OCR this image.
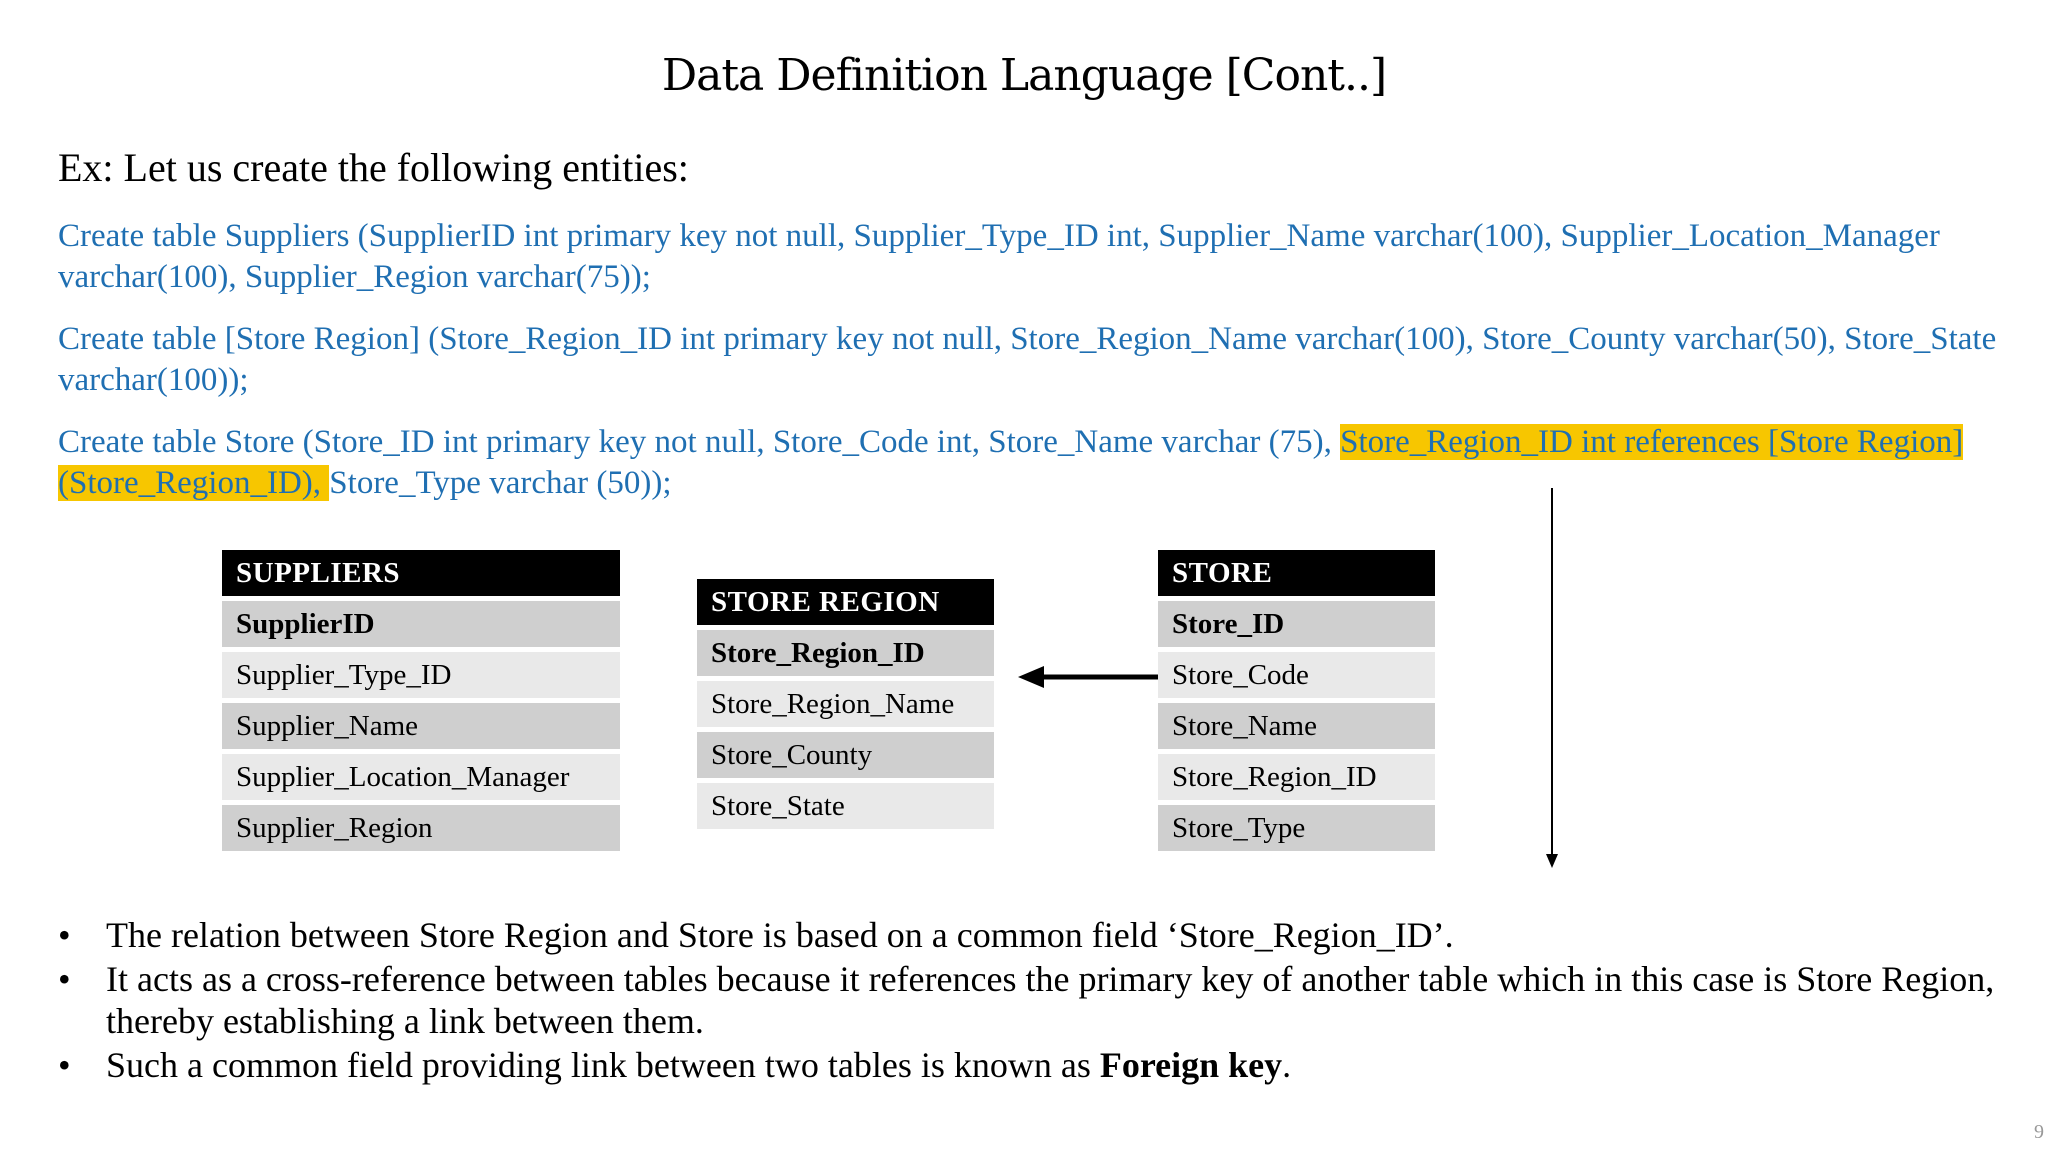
Data Definition Language [Cont..]
Ex: Let us create the following entities:
Create table Suppliers (SupplierID int primary key not null, Supplier_Type_ID int, Supplier_Name varchar(100), Supplier_Location_Manager varchar(100), Supplier_Region varchar(75));
Create table [Store Region] (Store_Region_ID int primary key not null, Store_Region_Name varchar(100), Store_County varchar(50), Store_State varchar(100));
Create table Store (Store_ID int primary key not null, Store_Code int, Store_Name varchar (75), Store_Region_ID int references [Store Region] (Store_Region_ID), Store_Type varchar (50));
SUPPLIERS
SupplierID
Supplier_Type_ID
Supplier_Name
Supplier_Location_Manager
Supplier_Region
STORE REGION
Store_Region_ID
Store_Region_Name
Store_County
Store_State
STORE
Store_ID
Store_Code
Store_Name
Store_Region_ID
Store_Type
• The relation between Store Region and Store is based on a common field ‘Store_Region_ID’.
• It acts as a cross-reference between tables because it references the primary key of another table which in this case is Store Region, thereby establishing a link between them.
• Such a common field providing link between two tables is known as Foreign key.
9
